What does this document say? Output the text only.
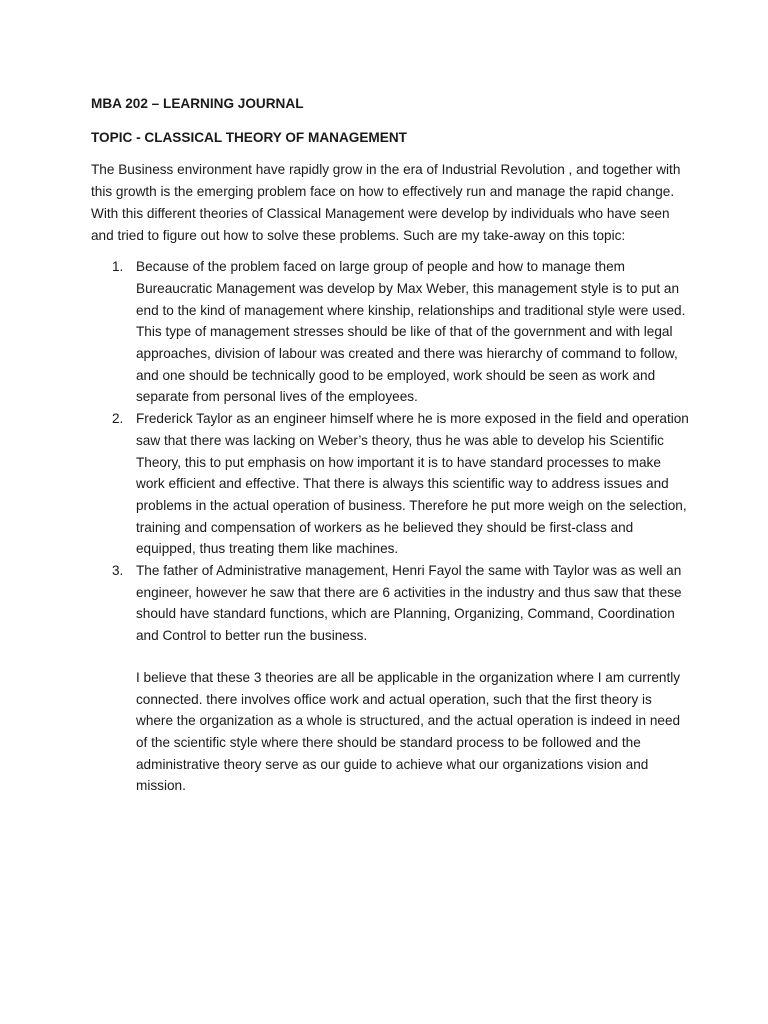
MBA 202 – LEARNING JOURNAL

TOPIC - CLASSICAL THEORY OF MANAGEMENT

The Business environment have rapidly grow in the era of Industrial Revolution , and together with this growth is the emerging problem face on how to effectively run and manage the rapid change. With this different theories of Classical Management were develop by individuals who have seen and tried to figure out how to solve these problems. Such are my take-away on this topic:

1. Because of the problem faced on large group of people and how to manage them Bureaucratic Management was develop by Max Weber, this management style is to put an end to the kind of management where kinship, relationships and traditional style were used. This type of management stresses should be like of that of the government and with legal approaches, division of labour was created and there was hierarchy of command to follow, and one should be technically good to be employed, work should be seen as work and separate from personal lives of the employees.
2. Frederick Taylor as an engineer himself where he is more exposed in the field and operation saw that there was lacking on Weber’s theory, thus he was able to develop his Scientific Theory, this to put emphasis on how important it is to have standard processes to make work efficient and effective. That there is always this scientific way to address issues and problems in the actual operation of business. Therefore he put more weigh on the selection, training and compensation of workers as he believed they should be first-class and equipped, thus treating them like machines.
3. The father of Administrative management, Henri Fayol the same with Taylor was as well an engineer, however he saw that there are 6 activities in the industry and thus saw that these should have standard functions, which are Planning, Organizing, Command, Coordination and Control to better run the business.

I believe that these 3 theories are all be applicable in the organization where I am currently connected. there involves office work and actual operation, such that the first theory is where the organization as a whole is structured, and the actual operation is indeed in need of the scientific style where there should be standard process to be followed and the administrative theory serve as our guide to achieve what our organizations vision and mission.
